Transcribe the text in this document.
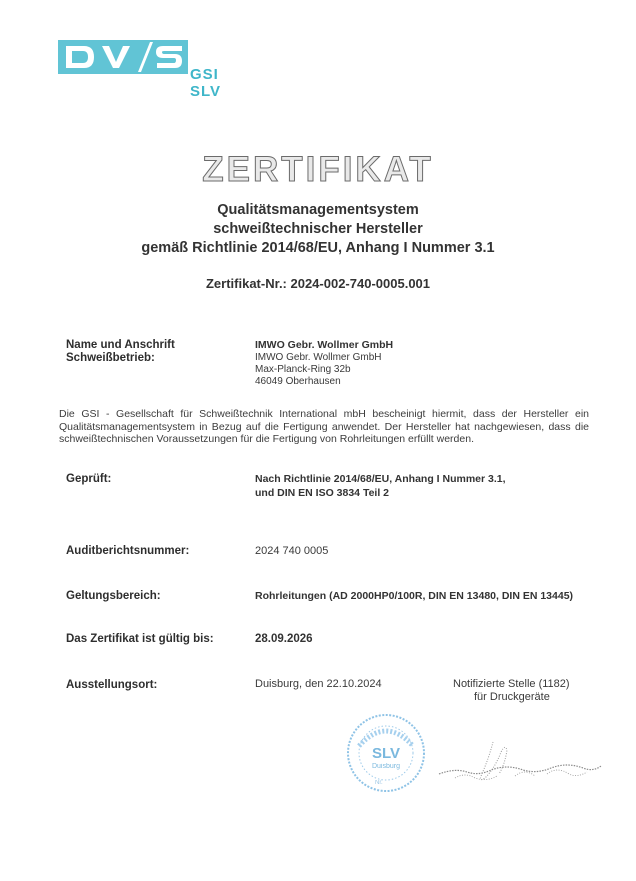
GSI SLV
ZERTIFIKAT
Qualitätsmanagementsystem
schweißtechnischer Hersteller
gemäß Richtlinie 2014/68/EU, Anhang I Nummer 3.1
Zertifikat-Nr.: 2024-002-740-0005.001
Name und Anschrift
Schweißbetrieb:
IMWO Gebr. Wollmer GmbH
IMWO Gebr. Wollmer GmbH
Max-Planck-Ring 32b
46049 Oberhausen
Die GSI - Gesellschaft für Schweißtechnik International mbH bescheinigt hiermit, dass der Hersteller ein Qualitätsmanagementsystem in Bezug auf die Fertigung anwendet. Der Hersteller hat nachgewiesen, dass die schweißtechnischen Voraussetzungen für die Fertigung von Rohrleitungen erfüllt werden.
Geprüft:	Nach Richtlinie 2014/68/EU, Anhang I Nummer 3.1,
und DIN EN ISO 3834 Teil 2
Auditberichtsnummer:	2024 740 0005
Geltungsbereich:	Rohrleitungen (AD 2000HP0/100R, DIN EN 13480, DIN EN 13445)
Das Zertifikat ist gültig bis:	28.09.2026
Ausstellungsort:	Duisburg, den 22.10.2024	Notifizierte Stelle (1182)
für Druckgeräte
SLV
Duisburg
Nr.
